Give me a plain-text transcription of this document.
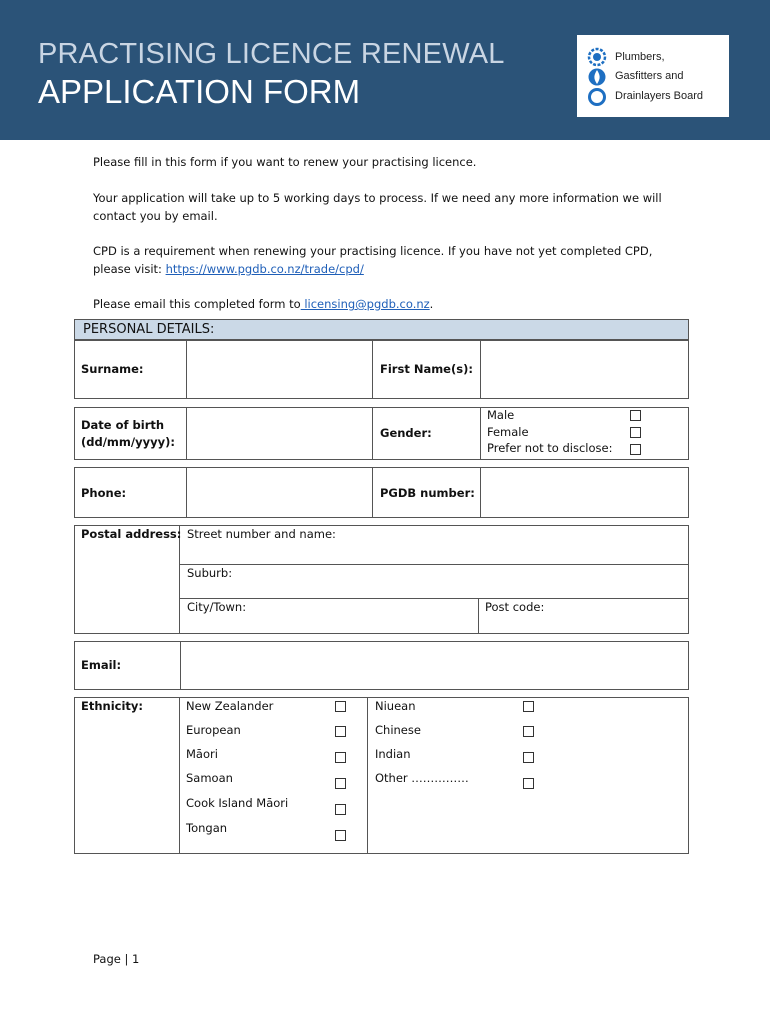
PRACTISING LICENCE RENEWAL
APPLICATION FORM
Plumbers,
Gasfitters and
Drainlayers Board
Please fill in this form if you want to renew your practising licence.
Your application will take up to 5 working days to process. If we need any more information we will
contact you by email.
CPD is a requirement when renewing your practising licence. If you have not yet completed CPD,
please visit: https://www.pgdb.co.nz/trade/cpd/
Please email this completed form to licensing@pgdb.co.nz.
PERSONAL DETAILS:
Surname:	First Name(s):
Date of birth
(dd/mm/yyyy):
Gender:
Male
Female
Prefer not to disclose:
Phone:	PGDB number:
Postal address: Street number and name:
Suburb:
City/Town:	Post code:
Email:
Ethnicity:	New Zealander
European
Māori
Samoan
Cook Island Māori
Tongan
Niuean
Chinese
Indian
Other ……………
Page | 1
